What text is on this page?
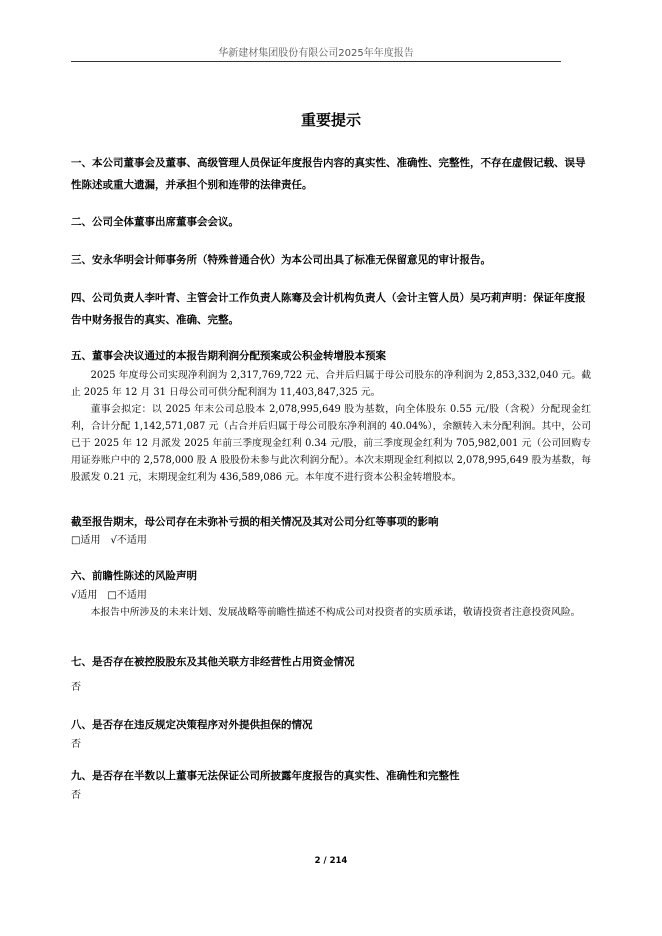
华新建材集团股份有限公司2025年年度报告
重要提示

一、本公司董事会及董事、高级管理人员保证年度报告内容的真实性、准确性、完整性，不存在虚假记载、误导性陈述或重大遗漏，并承担个别和连带的法律责任。

二、公司全体董事出席董事会会议。

三、安永华明会计师事务所（特殊普通合伙）为本公司出具了标准无保留意见的审计报告。

四、公司负责人李叶青、主管会计工作负责人陈骞及会计机构负责人（会计主管人员）吴巧莉声明：保证年度报告中财务报告的真实、准确、完整。

五、董事会决议通过的本报告期利润分配预案或公积金转增股本预案

2025 年度母公司实现净利润为 2,317,769,722 元、合并后归属于母公司股东的净利润为 2,853,332,040 元。截止 2025 年 12 月 31 日母公司可供分配利润为 11,403,847,325 元。

董事会拟定：以 2025 年末公司总股本 2,078,995,649 股为基数，向全体股东 0.55 元/股（含税）分配现金红利，合计分配 1,142,571,087 元（占合并后归属于母公司股东净利润的 40.04%），余额转入未分配利润。其中，公司已于 2025 年 12 月派发 2025 年前三季度现金红利 0.34 元/股，前三季度现金红利为 705,982,001 元（公司回购专用证券账户中的 2,578,000 股 A 股股份未参与此次利润分配）。本次末期现金红利拟以 2,078,995,649 股为基数，每股派发 0.21 元，末期现金红利为 436,589,086 元。本年度不进行资本公积金转增股本。

截至报告期末，母公司存在未弥补亏损的相关情况及其对公司分红等事项的影响

□适用　√不适用

六、前瞻性陈述的风险声明

√适用　□不适用

本报告中所涉及的未来计划、发展战略等前瞻性描述不构成公司对投资者的实质承诺，敬请投资者注意投资风险。

七、是否存在被控股股东及其他关联方非经营性占用资金情况

否

八、是否存在违反规定决策程序对外提供担保的情况

否

九、是否存在半数以上董事无法保证公司所披露年度报告的真实性、准确性和完整性

否

2 / 214
